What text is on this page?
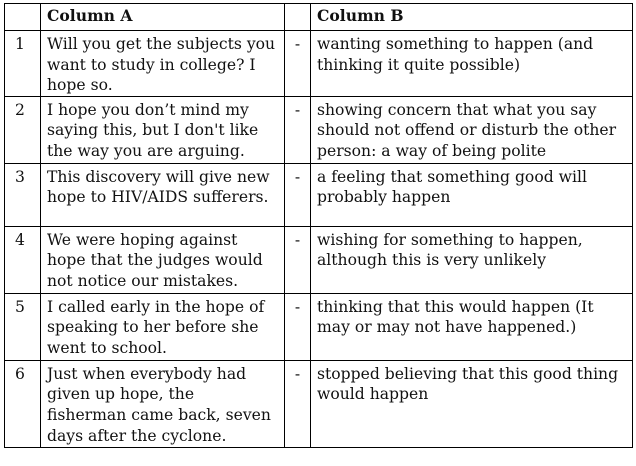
	Column A		Column B
1	Will you get the subjects you want to study in college? I hope so.	-	wanting something to happen (and thinking it quite possible)
2	I hope you don’t mind my saying this, but I don't like the way you are arguing.	-	showing concern that what you say should not offend or disturb the other person: a way of being polite
3	This discovery will give new hope to HIV/AIDS sufferers.	-	a feeling that something good will probably happen
4	We were hoping against hope that the judges would not notice our mistakes.	-	wishing for something to happen, although this is very unlikely
5	I called early in the hope of speaking to her before she went to school.	-	thinking that this would happen (It may or may not have happened.)
6	Just when everybody had given up hope, the fisherman came back, seven days after the cyclone.	-	stopped believing that this good thing would happen
